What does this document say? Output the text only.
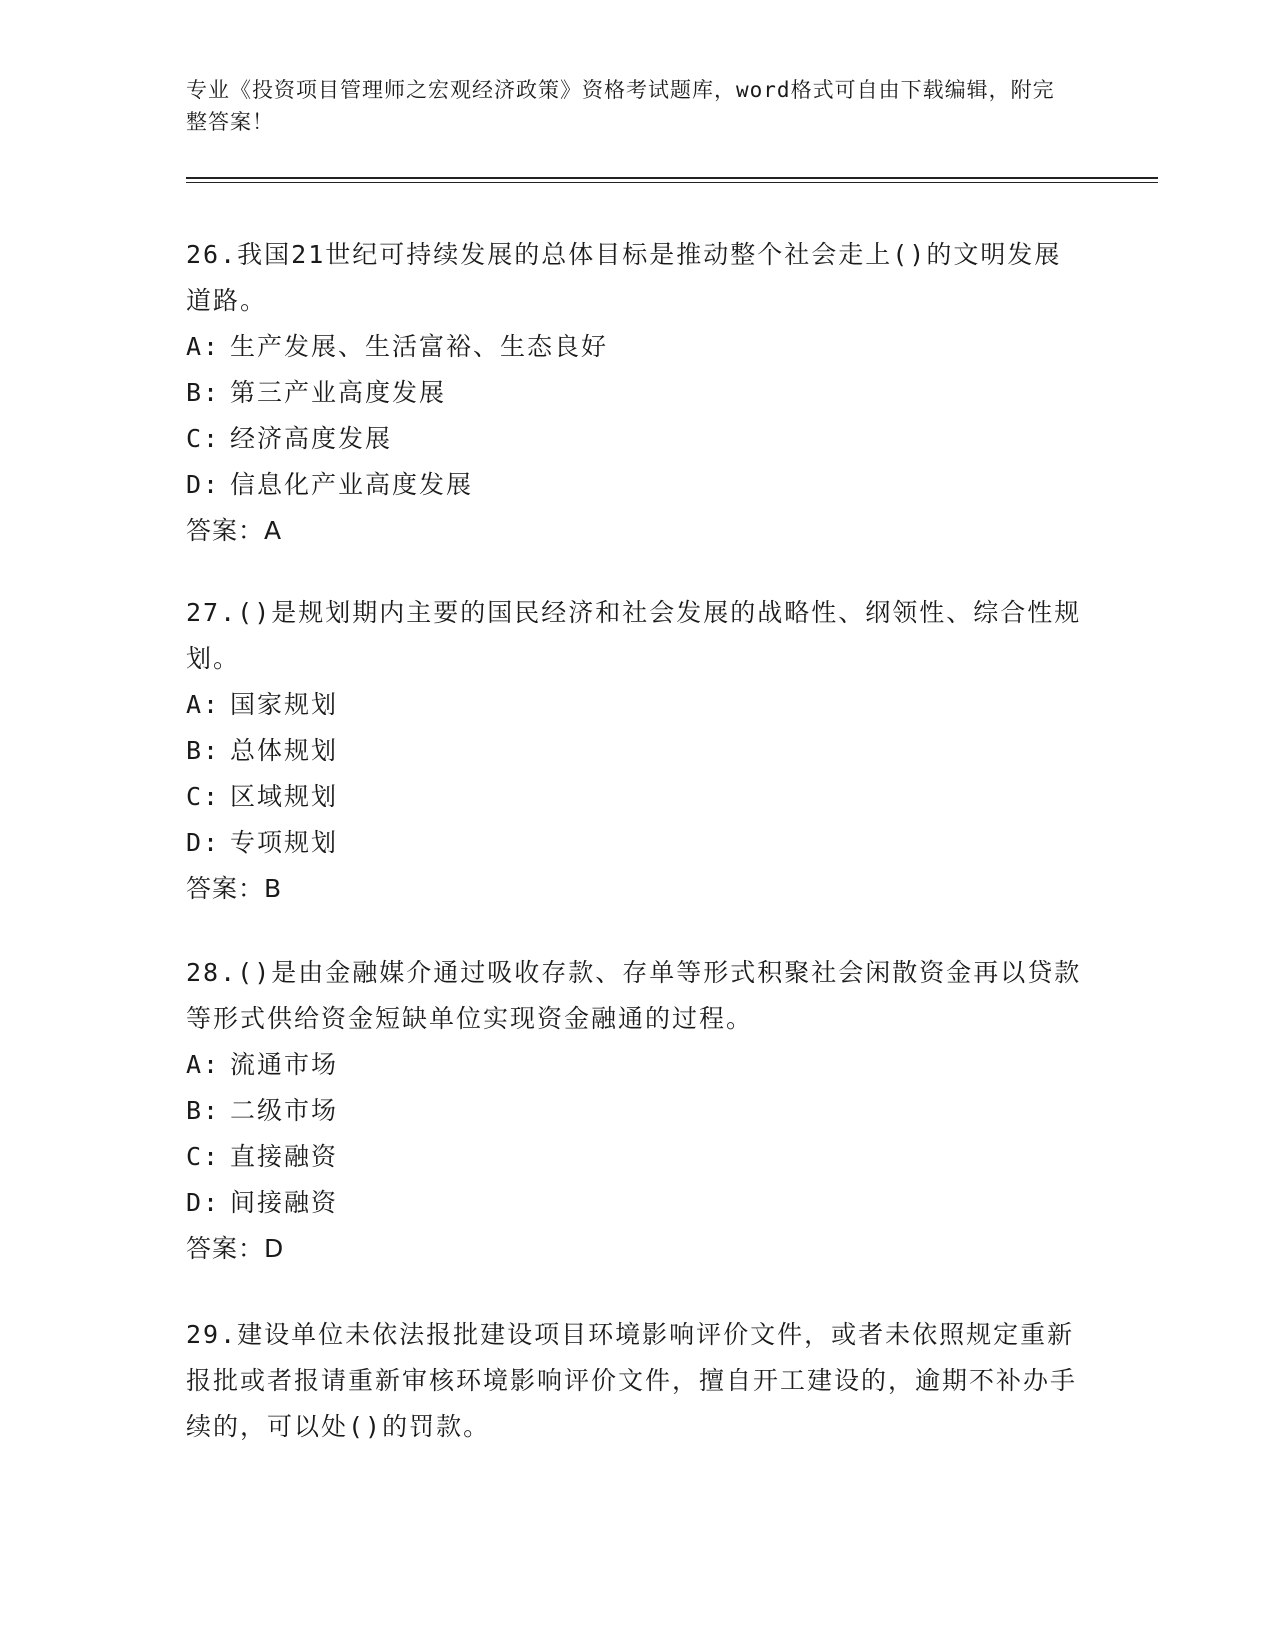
专业《投资项目管理师之宏观经济政策》资格考试题库，word格式可自由下载编辑，附完整答案！

26.我国21世纪可持续发展的总体目标是推动整个社会走上()的文明发展道路。

A: 生产发展、生活富裕、生态良好
B: 第三产业高度发展
C: 经济高度发展
D: 信息化产业高度发展
答案：A

27.()是规划期内主要的国民经济和社会发展的战略性、纲领性、综合性规划。

A: 国家规划
B: 总体规划
C: 区域规划
D: 专项规划
答案：B

28.()是由金融媒介通过吸收存款、存单等形式积聚社会闲散资金再以贷款等形式供给资金短缺单位实现资金融通的过程。

A: 流通市场
B: 二级市场
C: 直接融资
D: 间接融资
答案：D

29.建设单位未依法报批建设项目环境影响评价文件，或者未依照规定重新报批或者报请重新审核环境影响评价文件，擅自开工建设的，逾期不补办手续的，可以处()的罚款。
